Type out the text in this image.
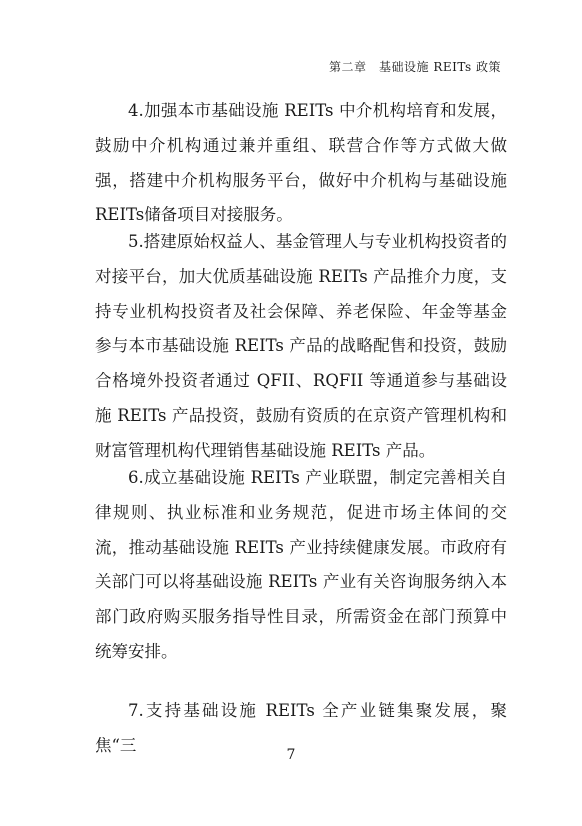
第二章　基础设施 REITs 政策

4.加强本市基础设施 REITs 中介机构培育和发展，鼓励中介机构通过兼并重组、联营合作等方式做大做强，搭建中介机构服务平台，做好中介机构与基础设施REITs储备项目对接服务。

5.搭建原始权益人、基金管理人与专业机构投资者的对接平台，加大优质基础设施 REITs 产品推介力度，支持专业机构投资者及社会保障、养老保险、年金等基金参与本市基础设施 REITs 产品的战略配售和投资，鼓励合格境外投资者通过 QFII、RQFII 等通道参与基础设施 REITs 产品投资，鼓励有资质的在京资产管理机构和财富管理机构代理销售基础设施 REITs 产品。

6.成立基础设施 REITs 产业联盟，制定完善相关自律规则、执业标准和业务规范，促进市场主体间的交流，推动基础设施 REITs 产业持续健康发展。市政府有关部门可以将基础设施 REITs 产业有关咨询服务纳入本部门政府购买服务指导性目录，所需资金在部门预算中统筹安排。

7.支持基础设施 REITs 全产业链集聚发展，聚焦“三

7
